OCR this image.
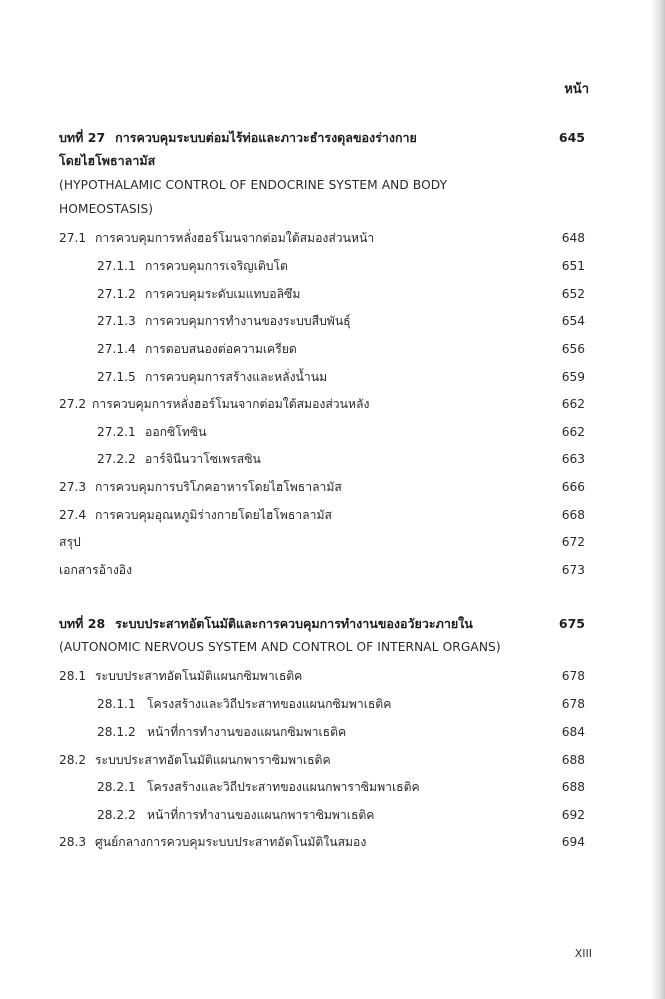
หน้า
บทที่ 27 การควบคุมระบบต่อมไร้ท่อและภาวะธำรงดุลของร่างกาย	645
โดยไฮโพธาลามัส
(HYPOTHALAMIC CONTROL OF ENDOCRINE SYSTEM AND BODY
HOMEOSTASIS)
27.1 การควบคุมการหลั่งฮอร์โมนจากต่อมใต้สมองส่วนหน้า	648
27.1.1 การควบคุมการเจริญเติบโต	651
27.1.2 การควบคุมระดับเมแทบอลิซึม	652
27.1.3 การควบคุมการทำงานของระบบสืบพันธุ์	654
27.1.4 การตอบสนองต่อความเครียด	656
27.1.5 การควบคุมการสร้างและหลั่งน้ำนม	659
27.2 การควบคุมการหลั่งฮอร์โมนจากต่อมใต้สมองส่วนหลัง	662
27.2.1 ออกซิโทซิน	662
27.2.2 อาร์จินีนวาโซเพรสซิน	663
27.3 การควบคุมการบริโภคอาหารโดยไฮโพธาลามัส	666
27.4 การควบคุมอุณหภูมิร่างกายโดยไฮโพธาลามัส	668
สรุป	672
เอกสารอ้างอิง	673
บทที่ 28 ระบบประสาทอัตโนมัติและการควบคุมการทำงานของอวัยวะภายใน	675
(AUTONOMIC NERVOUS SYSTEM AND CONTROL OF INTERNAL ORGANS)
28.1 ระบบประสาทอัตโนมัติแผนกซิมพาเธติค	678
28.1.1 โครงสร้างและวิถีประสาทของแผนกซิมพาเธติค	678
28.1.2 หน้าที่การทำงานของแผนกซิมพาเธติค	684
28.2 ระบบประสาทอัตโนมัติแผนกพาราซิมพาเธติค	688
28.2.1 โครงสร้างและวิถีประสาทของแผนกพาราซิมพาเธติค	688
28.2.2 หน้าที่การทำงานของแผนกพาราซิมพาเธติค	692
28.3 ศูนย์กลางการควบคุมระบบประสาทอัตโนมัติในสมอง	694
XIII
